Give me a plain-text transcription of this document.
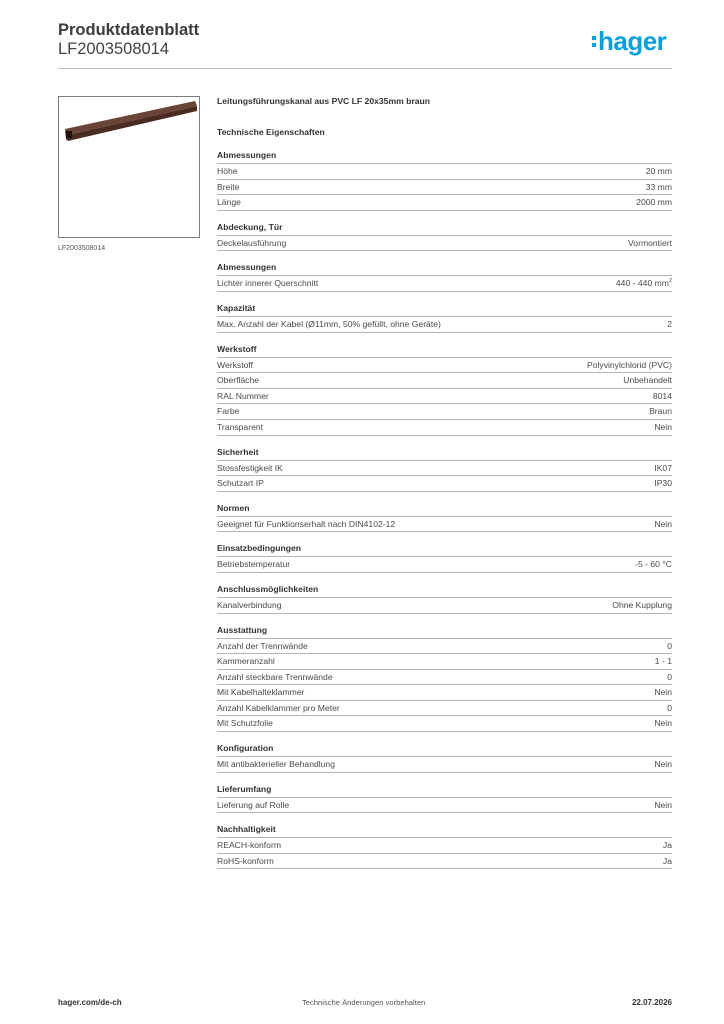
Produktdatenblatt
LF2003508014	hager
LF2003508014
Leitungsführungskanal aus PVC LF 20x35mm braun
Technische Eigenschaften
Abmessungen
Höhe	20 mm
Breite	33 mm
Länge	2000 mm
Abdeckung, Tür
Deckelausführung	Vormontiert
Abmessungen
Lichter innerer Querschnitt	440 - 440 $mm^2$
Kapazität
Max. Anzahl der Kabel (Ø11mm, 50% gefüllt, ohne Geräte)	2
Werkstoff
Werkstoff	Polyvinylchlorid (PVC)
Oberfläche	Unbehandelt
RAL Nummer	8014
Farbe	Braun
Transparent	Nein
Sicherheit
Stossfestigkeit IK	IK07
Schutzart IP	IP30
Normen
Geeignet für Funktionserhalt nach DIN4102-12	Nein
Einsatzbedingungen
Betriebstemperatur	-5 - 60 °C
Anschlussmöglichkeiten
Kanalverbindung	Ohne Kupplung
Ausstattung
Anzahl der Trennwände	0
Kammeranzahl	1 - 1
Anzahl steckbare Trennwände	0
Mit Kabelhalteklammer	Nein
Anzahl Kabelklammer pro Meter	0
Mit Schutzfolie	Nein
Konfiguration
Mit antibakterieller Behandlung	Nein
Lieferumfang
Lieferung auf Rolle	Nein
Nachhaltigkeit
REACH-konform	Ja
RoHS-konform	Ja
hager.com/de-ch	Technische Änderungen vorbehalten	22.07.2026
